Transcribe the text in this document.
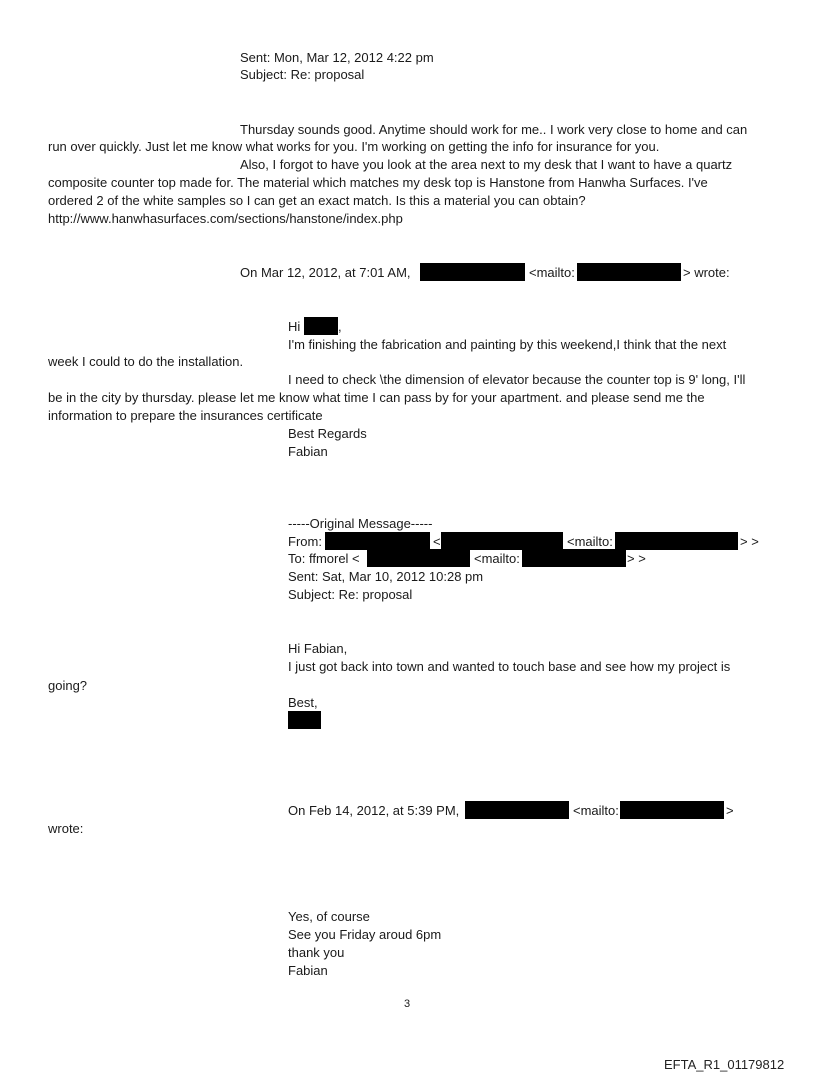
Sent: Mon, Mar 12, 2012 4:22 pm
Subject: Re: proposal
Thursday sounds good. Anytime should work for me.. I work very close to home and can
run over quickly. Just let me know what works for you. I'm working on getting the info for insurance for you.
Also, I forgot to have you look at the area next to my desk that I want to have a quartz
composite counter top made for. The material which matches my desk top is Hanstone from Hanwha Surfaces. I've
ordered 2 of the white samples so I can get an exact match. Is this a material you can obtain?
http://www.hanwhasurfaces.com/sections/hanstone/index.php
On Mar 12, 2012, at 7:01 AM,	<mailto:	> wrote:
Hi	,
I'm finishing the fabrication and painting by this weekend,I think that the next
week I could to do the installation.
I need to check \the dimension of elevator because the counter top is 9' long, I'll
be in the city by thursday. please let me know what time I can pass by for your apartment. and please send me the
information to prepare the insurances certificate
Best Regards
Fabian
-----Original Message-----
From:	<	<mailto:	> >
To: ffmorel <	<mailto:	> >
Sent: Sat, Mar 10, 2012 10:28 pm
Subject: Re: proposal
Hi Fabian,
I just got back into town and wanted to touch base and see how my project is
going?
Best,
On Feb 14, 2012, at 5:39 PM,	<mailto:	>
wrote:
Yes, of course
See you Friday aroud 6pm
thank you
Fabian
3
EFTA_R1_01179812
